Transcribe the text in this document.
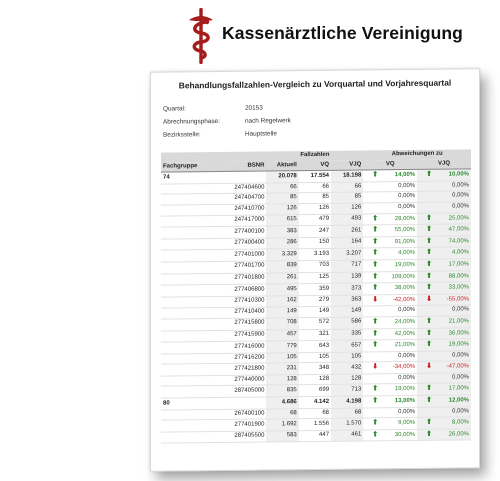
Kassenärztliche Vereinigung
Behandlungsfallzahlen-Vergleich zu Vorquartal und Vorjahresquartal
Quartal:	20153
Abrechnungsphase:	nach Regelwerk
Bezirksstelle:	Hauptstelle
		Fallzahlen			Abweichungen zu	
Fachgruppe	BSNR	Aktuell	VQ	VJQ	VQ	VJQ
74		20.078	17.554	18.198	⬆ 14,00%	⬆ 10,00%
	247404600	66	66	66	0,00%	0,00%
	247404700	85	85	85	0,00%	0,00%
	247410700	126	126	126	0,00%	0,00%
	247417000	615	479	493	⬆ 28,00%	⬆ 25,00%
	277400100	383	247	261	⬆ 55,00%	⬆ 47,00%
	277400400	286	150	164	⬆ 91,00%	⬆ 74,00%
	277401000	3.329	3.193	3.207	⬆ 4,00%	⬆ 4,00%
	277401700	839	703	717	⬆ 19,00%	⬆ 17,00%
	277401800	261	125	139	⬆ 109,00%	⬆ 88,00%
	277406800	495	359	373	⬆ 38,00%	⬆ 33,00%
	277410300	162	279	363	⬇ -42,00%	⬇ -55,00%
	277410400	149	149	149	0,00%	0,00%
	277415800	708	572	586	⬆ 24,00%	⬆ 21,00%
	277415900	457	321	335	⬆ 42,00%	⬆ 36,00%
	277416000	779	643	657	⬆ 21,00%	⬆ 19,00%
	277416200	105	105	105	0,00%	0,00%
	277421800	231	348	432	⬇ -34,00%	⬇ -47,00%
	277440000	128	128	128	0,00%	0,00%
	287405000	835	699	713	⬆ 19,00%	⬆ 17,00%
80		4.686	4.142	4.198	⬆ 13,00%	⬆ 12,00%
	267400100	68	68	68	0,00%	0,00%
	277401900	1.692	1.556	1.570	⬆ 9,00%	⬆ 8,00%
	287405500	583	447	461	⬆ 30,00%	⬆ 26,00%
